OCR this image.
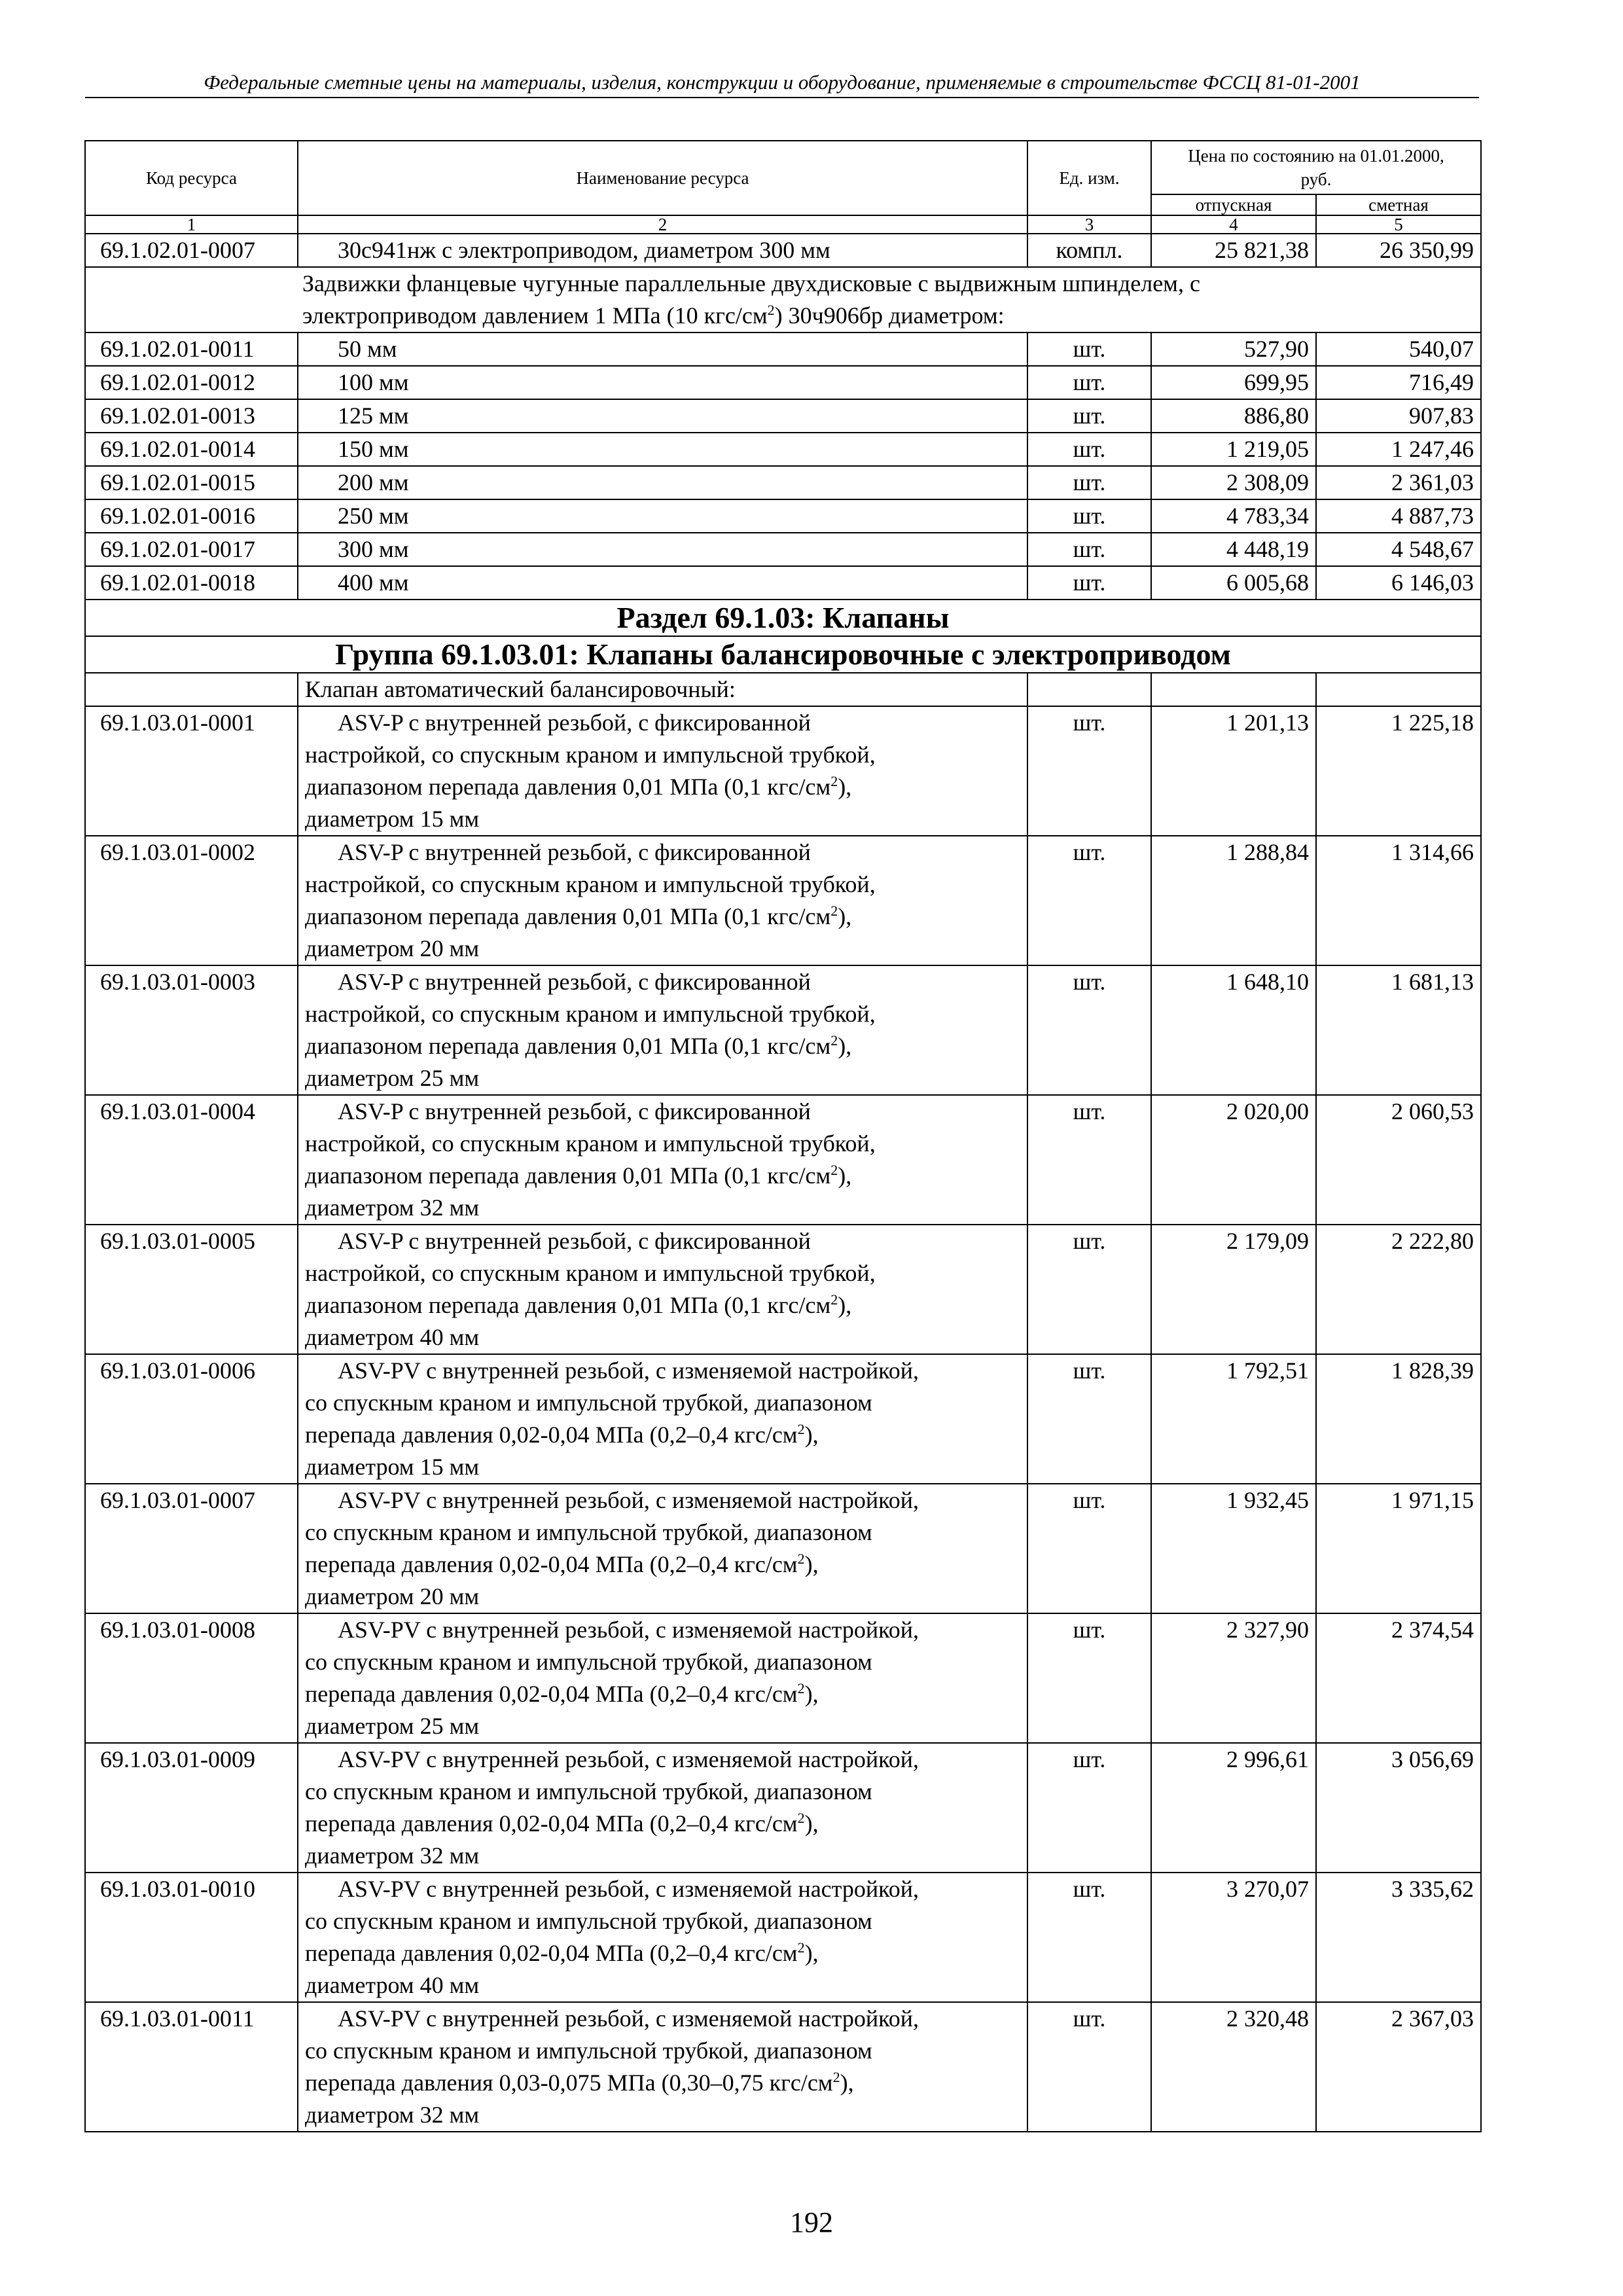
Федеральные сметные цены на материалы, изделия, конструкции и оборудование, применяемые в строительстве ФССЦ 81-01-2001
Код ресурса	Наименование ресурса	Ед. изм.	Цена по состоянию на 01.01.2000, руб.	
			отпускная	сметная
1	2	3	4	5
69.1.02.01-0007	30с941нж с электроприводом, диаметром 300 мм	компл.	25 821,38	26 350,99
Задвижки фланцевые чугунные параллельные двухдисковые с выдвижным шпинделем, с
электроприводом давлением 1 МПа (10 кгс/$см^2$) 30ч906бр диаметром:				
69.1.02.01-0011	50 мм	шт.	527,90	540,07
69.1.02.01-0012	100 мм	шт.	699,95	716,49
69.1.02.01-0013	125 мм	шт.	886,80	907,83
69.1.02.01-0014	150 мм	шт.	1 219,05	1 247,46
69.1.02.01-0015	200 мм	шт.	2 308,09	2 361,03
69.1.02.01-0016	250 мм	шт.	4 783,34	4 887,73
69.1.02.01-0017	300 мм	шт.	4 448,19	4 548,67
69.1.02.01-0018	400 мм	шт.	6 005,68	6 146,03
Раздел 69.1.03: Клапаны				
Группа 69.1.03.01: Клапаны балансировочные с электроприводом				
	Клапан автоматический балансировочный:			
69.1.03.01-0001	ASV-P с внутренней резьбой, с фиксированной
настройкой, со спускным краном и импульсной трубкой,
диапазоном перепада давления 0,01 МПа (0,1 кгс/$см^2$),
диаметром 15 мм	шт.	1 201,13	1 225,18
69.1.03.01-0002	ASV-P с внутренней резьбой, с фиксированной
настройкой, со спускным краном и импульсной трубкой,
диапазоном перепада давления 0,01 МПа (0,1 кгс/$см^2$),
диаметром 20 мм	шт.	1 288,84	1 314,66
69.1.03.01-0003	ASV-P с внутренней резьбой, с фиксированной
настройкой, со спускным краном и импульсной трубкой,
диапазоном перепада давления 0,01 МПа (0,1 кгс/$см^2$),
диаметром 25 мм	шт.	1 648,10	1 681,13
69.1.03.01-0004	ASV-P с внутренней резьбой, с фиксированной
настройкой, со спускным краном и импульсной трубкой,
диапазоном перепада давления 0,01 МПа (0,1 кгс/$см^2$),
диаметром 32 мм	шт.	2 020,00	2 060,53
69.1.03.01-0005	ASV-P с внутренней резьбой, с фиксированной
настройкой, со спускным краном и импульсной трубкой,
диапазоном перепада давления 0,01 МПа (0,1 кгс/$см^2$),
диаметром 40 мм	шт.	2 179,09	2 222,80
69.1.03.01-0006	ASV-PV с внутренней резьбой, с изменяемой настройкой,
со спускным краном и импульсной трубкой, диапазоном
перепада давления 0,02-0,04 МПа (0,2–0,4 кгс/$см^2$),
диаметром 15 мм	шт.	1 792,51	1 828,39
69.1.03.01-0007	ASV-PV с внутренней резьбой, с изменяемой настройкой,
со спускным краном и импульсной трубкой, диапазоном
перепада давления 0,02-0,04 МПа (0,2–0,4 кгс/$см^2$),
диаметром 20 мм	шт.	1 932,45	1 971,15
69.1.03.01-0008	ASV-PV с внутренней резьбой, с изменяемой настройкой,
со спускным краном и импульсной трубкой, диапазоном
перепада давления 0,02-0,04 МПа (0,2–0,4 кгс/$см^2$),
диаметром 25 мм	шт.	2 327,90	2 374,54
69.1.03.01-0009	ASV-PV с внутренней резьбой, с изменяемой настройкой,
со спускным краном и импульсной трубкой, диапазоном
перепада давления 0,02-0,04 МПа (0,2–0,4 кгс/$см^2$),
диаметром 32 мм	шт.	2 996,61	3 056,69
69.1.03.01-0010	ASV-PV с внутренней резьбой, с изменяемой настройкой,
со спускным краном и импульсной трубкой, диапазоном
перепада давления 0,02-0,04 МПа (0,2–0,4 кгс/$см^2$),
диаметром 40 мм	шт.	3 270,07	3 335,62
69.1.03.01-0011	ASV-PV с внутренней резьбой, с изменяемой настройкой,
со спускным краном и импульсной трубкой, диапазоном
перепада давления 0,03-0,075 МПа (0,30–0,75 кгс/$см^2$),
диаметром 32 мм	шт.	2 320,48	2 367,03
192
